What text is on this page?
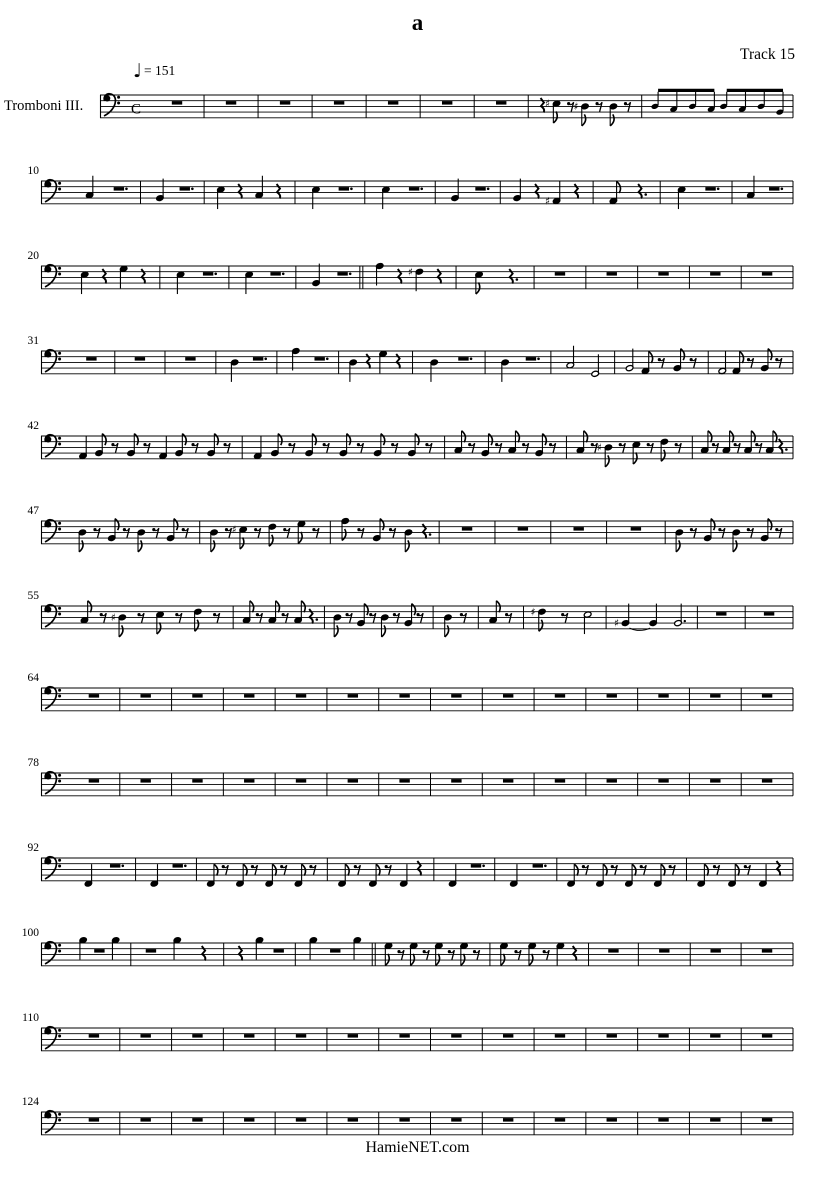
a
Track 15
Tromboni III.
♩ = 151
C	♯ ♯
10
♯
20
♯
31
42
♯
47
♯
55
♯	♯
♯
64
78
92
100
110
124
HamieNET.com
